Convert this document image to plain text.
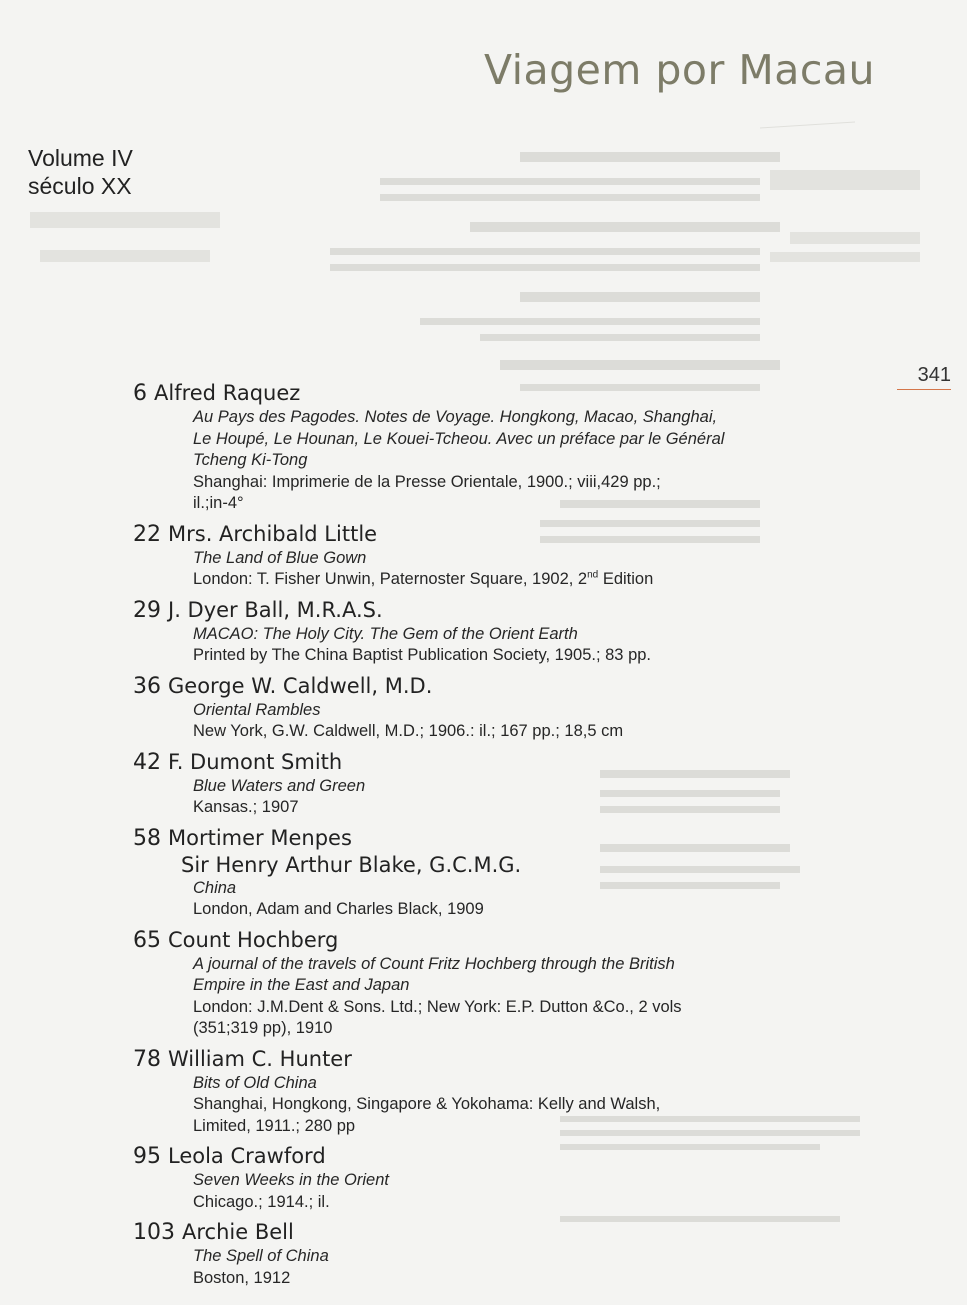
Viagem por Macau
Volume IV
século XX
341
6 Alfred Raquez
Au Pays des Pagodes. Notes de Voyage. Hongkong, Macao, Shanghai,
Le Houpé, Le Hounan, Le Kouei-Tcheou. Avec un préface par le Général
Tcheng Ki-Tong
Shanghai: Imprimerie de la Presse Orientale, 1900.; viii,429 pp.;
il.;in-4°
22 Mrs. Archibald Little
The Land of Blue Gown
London: T. Fisher Unwin, Paternoster Square, 1902, 2nd Edition
29 J. Dyer Ball, M.R.A.S.
MACAO: The Holy City. The Gem of the Orient Earth
Printed by The China Baptist Publication Society, 1905.; 83 pp.
36 George W. Caldwell, M.D.
Oriental Rambles
New York, G.W. Caldwell, M.D.; 1906.: il.; 167 pp.; 18,5 cm
42 F. Dumont Smith
Blue Waters and Green
Kansas.; 1907
58 Mortimer Menpes
Sir Henry Arthur Blake, G.C.M.G.
China
London, Adam and Charles Black, 1909
65 Count Hochberg
A journal of the travels of Count Fritz Hochberg through the British
Empire in the East and Japan
London: J.M.Dent & Sons. Ltd.; New York: E.P. Dutton &Co., 2 vols
(351;319 pp), 1910
78 William C. Hunter
Bits of Old China
Shanghai, Hongkong, Singapore & Yokohama: Kelly and Walsh,
Limited, 1911.; 280 pp
95 Leola Crawford
Seven Weeks in the Orient
Chicago.; 1914.; il.
103 Archie Bell
The Spell of China
Boston, 1912
